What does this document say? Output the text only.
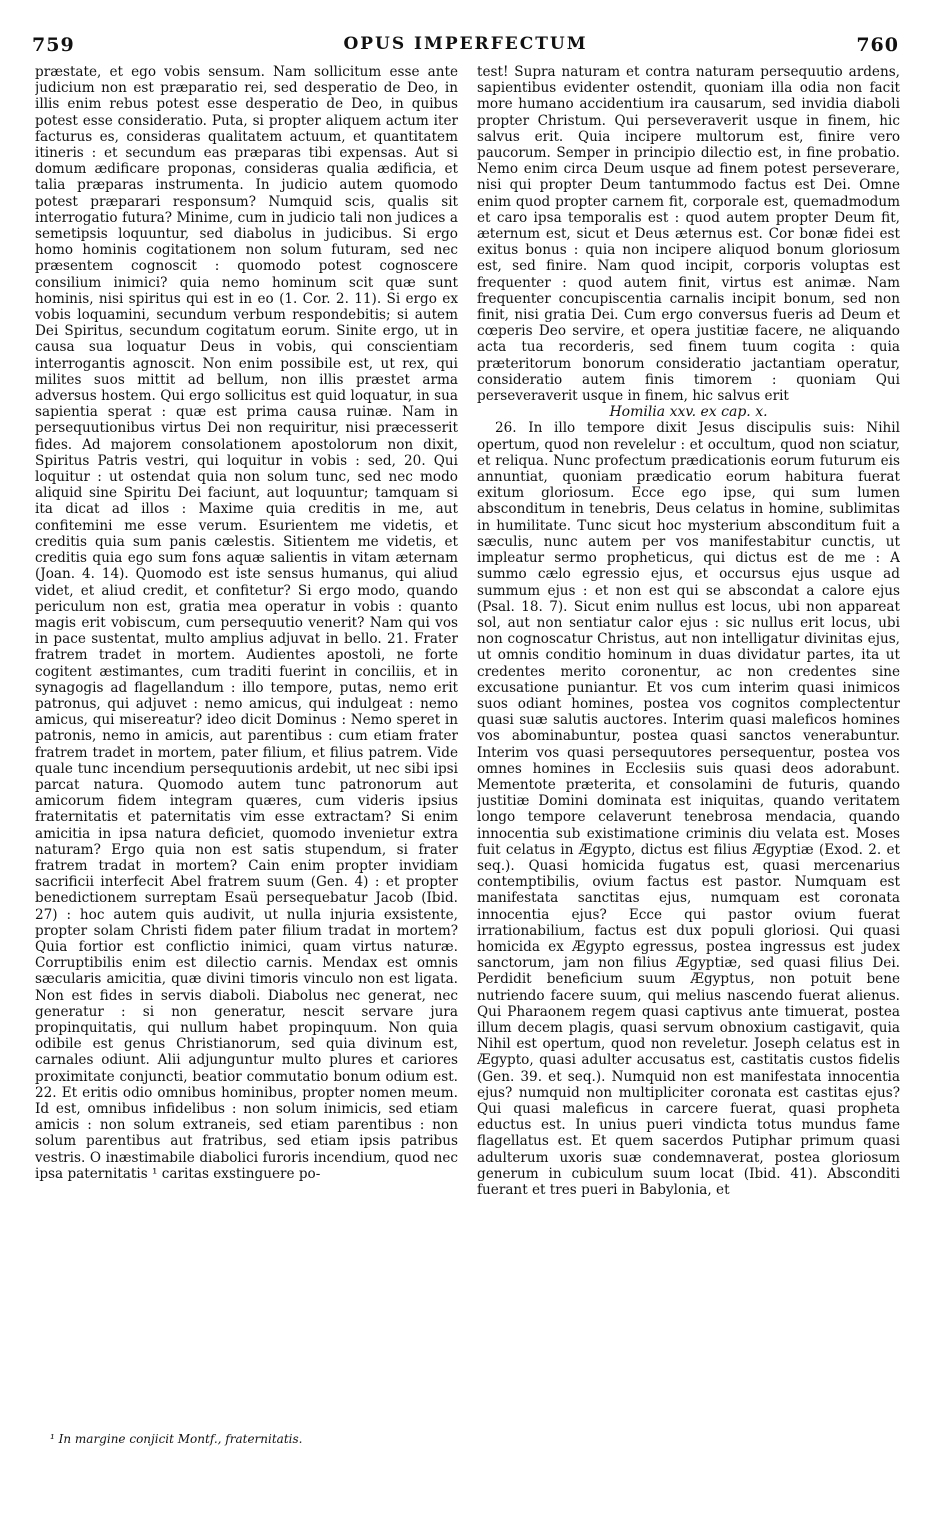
759	OPUS IMPERFECTUM	760

præstate, et ego vobis sensum. Nam sollicitum esse ante judicium non est præparatio rei, sed desperatio de Deo, in illis enim rebus potest esse desperatio de Deo, in quibus potest esse consideratio. Puta, si propter aliquem actum iter facturus es, consideras qualitatem actuum, et quantitatem itineris : et secundum eas præparas tibi expensas. Aut si domum ædificare proponas, consideras qualia ædificia, et talia præparas instrumenta. In judicio autem quomodo potest præparari responsum? Numquid scis, qualis sit interrogatio futura? Minime, cum in judicio tali non judices a semetipsis loquuntur, sed diabolus in judicibus. Si ergo homo hominis cogitationem non solum futuram, sed nec præsentem cognoscit : quomodo potest cognoscere consilium inimici? quia nemo hominum scit quæ sunt hominis, nisi spiritus qui est in eo (1. Cor. 2. 11). Si ergo ex vobis loquamini, secundum verbum respondebitis; si autem Dei Spiritus, secundum cogitatum eorum. Sinite ergo, ut in causa sua loquatur Deus in vobis, qui conscientiam interrogantis agnoscit. Non enim possibile est, ut rex, qui milites suos mittit ad bellum, non illis præstet arma adversus hostem. Qui ergo sollicitus est quid loquatur, in sua sapientia sperat : quæ est prima causa ruinæ. Nam in persequutionibus virtus Dei non requiritur, nisi præcesserit fides. Ad majorem consolationem apostolorum non dixit, Spiritus Patris vestri, qui loquitur in vobis : sed, 20. Qui loquitur : ut ostendat quia non solum tunc, sed nec modo aliquid sine Spiritu Dei faciunt, aut loquuntur; tamquam si ita dicat ad illos : Maxime quia creditis in me, aut confitemini me esse verum. Esurientem me videtis, et creditis quia sum panis cælestis. Sitientem me videtis, et creditis quia ego sum fons aquæ salientis in vitam æternam (Joan. 4. 14). Quomodo est iste sensus humanus, qui aliud videt, et aliud credit, et confitetur? Si ergo modo, quando periculum non est, gratia mea operatur in vobis : quanto magis erit vobiscum, cum persequutio venerit? Nam qui vos in pace sustentat, multo amplius adjuvat in bello. 21. Frater fratrem tradet in mortem. Audientes apostoli, ne forte cogitent æstimantes, cum traditi fuerint in conciliis, et in synagogis ad flagellandum : illo tempore, putas, nemo erit patronus, qui adjuvet : nemo amicus, qui indulgeat : nemo amicus, qui misereatur? ideo dicit Dominus : Nemo speret in patronis, nemo in amicis, aut parentibus : cum etiam frater fratrem tradet in mortem, pater filium, et filius patrem. Vide quale tunc incendium persequutionis ardebit, ut nec sibi ipsi parcat natura. Quomodo autem tunc patronorum aut amicorum fidem integram quæres, cum videris ipsius fraternitatis et paternitatis vim esse extractam? Si enim amicitia in ipsa natura deficiet, quomodo invenietur extra naturam? Ergo quia non est satis stupendum, si frater fratrem tradat in mortem? Cain enim propter invidiam sacrificii interfecit Abel fratrem suum (Gen. 4) : et propter benedictionem surreptam Esaü persequebatur Jacob (Ibid. 27) : hoc autem quis audivit, ut nulla injuria exsistente, propter solam Christi fidem pater filium tradat in mortem? Quia fortior est conflictio inimici, quam virtus naturæ. Corruptibilis enim est dilectio carnis. Mendax est omnis sæcularis amicitia, quæ divini timoris vinculo non est ligata. Non est fides in servis diaboli. Diabolus nec generat, nec generatur : si non generatur, nescit servare jura propinquitatis, qui nullum habet propinquum. Non quia odibile est genus Christianorum, sed quia divinum est, carnales odiunt. Alii adjunguntur multo plures et cariores proximitate conjuncti, beatior commutatio bonum odium est. 22. Et eritis odio omnibus hominibus, propter nomen meum. Id est, omnibus infidelibus : non solum inimicis, sed etiam amicis : non solum extraneis, sed etiam parentibus : non solum parentibus aut fratribus, sed etiam ipsis patribus vestris. O inæstimabile diabolici furoris incendium, quod nec ipsa paternitatis ¹ caritas exstinguere po-

¹ In margine conjicit Montf., fraternitatis.

test! Supra naturam et contra naturam persequutio ardens, sapientibus evidenter ostendit, quoniam illa odia non facit more humano accidentium ira causarum, sed invidia diaboli propter Christum. Qui perseveraverit usque in finem, hic salvus erit. Quia incipere multorum est, finire vero paucorum. Semper in principio dilectio est, in fine probatio. Nemo enim circa Deum usque ad finem potest perseverare, nisi qui propter Deum tantummodo factus est Dei. Omne enim quod propter carnem fit, corporale est, quemadmodum et caro ipsa temporalis est : quod autem propter Deum fit, æternum est, sicut et Deus æternus est. Cor bonæ fidei est exitus bonus : quia non incipere aliquod bonum gloriosum est, sed finire. Nam quod incipit, corporis voluptas est frequenter : quod autem finit, virtus est animæ. Nam frequenter concupiscentia carnalis incipit bonum, sed non finit, nisi gratia Dei. Cum ergo conversus fueris ad Deum et cœperis Deo servire, et opera justitiæ facere, ne aliquando acta tua recorderis, sed finem tuum cogita : quia præteritorum bonorum consideratio jactantiam operatur, consideratio autem finis timorem : quoniam Qui perseveraverit usque in finem, hic salvus erit

Homilia xxv. ex cap. x.

26. In illo tempore dixit Jesus discipulis suis: Nihil opertum, quod non revelelur : et occultum, quod non sciatur, et reliqua. Nunc profectum prædicationis eorum futurum eis annuntiat, quoniam prædicatio eorum habitura fuerat exitum gloriosum. Ecce ego ipse, qui sum lumen absconditum in tenebris, Deus celatus in homine, sublimitas in humilitate. Tunc sicut hoc mysterium absconditum fuit a sæculis, nunc autem per vos manifestabitur cunctis, ut impleatur sermo propheticus, qui dictus est de me : A summo cælo egressio ejus, et occursus ejus usque ad summum ejus : et non est qui se abscondat a calore ejus (Psal. 18. 7). Sicut enim nullus est locus, ubi non appareat sol, aut non sentiatur calor ejus : sic nullus erit locus, ubi non cognoscatur Christus, aut non intelligatur divinitas ejus, ut omnis conditio hominum in duas dividatur partes, ita ut credentes merito coronentur, ac non credentes sine excusatione puniantur. Et vos cum interim quasi inimicos suos odiant homines, postea vos cognitos complectentur quasi suæ salutis auctores. Interim quasi maleficos homines vos abominabuntur, postea quasi sanctos venerabuntur. Interim vos quasi persequutores persequentur, postea vos omnes homines in Ecclesiis suis quasi deos adorabunt. Mementote præterita, et consolamini de futuris, quando justitiæ Domini dominata est iniquitas, quando veritatem longo tempore celaverunt tenebrosa mendacia, quando innocentia sub existimatione criminis diu velata est. Moses fuit celatus in Ægypto, dictus est filius Ægyptiæ (Exod. 2. et seq.). Quasi homicida fugatus est, quasi mercenarius contemptibilis, ovium factus est pastor. Numquam est manifestata sanctitas ejus, numquam est coronata innocentia ejus? Ecce qui pastor ovium fuerat irrationabilium, factus est dux populi gloriosi. Qui quasi homicida ex Ægypto egressus, postea ingressus est judex sanctorum, jam non filius Ægyptiæ, sed quasi filius Dei. Perdidit beneficium suum Ægyptus, non potuit bene nutriendo facere suum, qui melius nascendo fuerat alienus. Qui Pharaonem regem quasi captivus ante timuerat, postea illum decem plagis, quasi servum obnoxium castigavit, quia Nihil est opertum, quod non reveletur. Joseph celatus est in Ægypto, quasi adulter accusatus est, castitatis custos fidelis (Gen. 39. et seq.). Numquid non est manifestata innocentia ejus? numquid non multipliciter coronata est castitas ejus? Qui quasi maleficus in carcere fuerat, quasi propheta eductus est. In unius pueri vindicta totus mundus fame flagellatus est. Et quem sacerdos Putiphar primum quasi adulterum uxoris suæ condemnaverat, postea gloriosum generum in cubiculum suum locat (Ibid. 41). Absconditi fuerant et tres pueri in Babylonia, et
